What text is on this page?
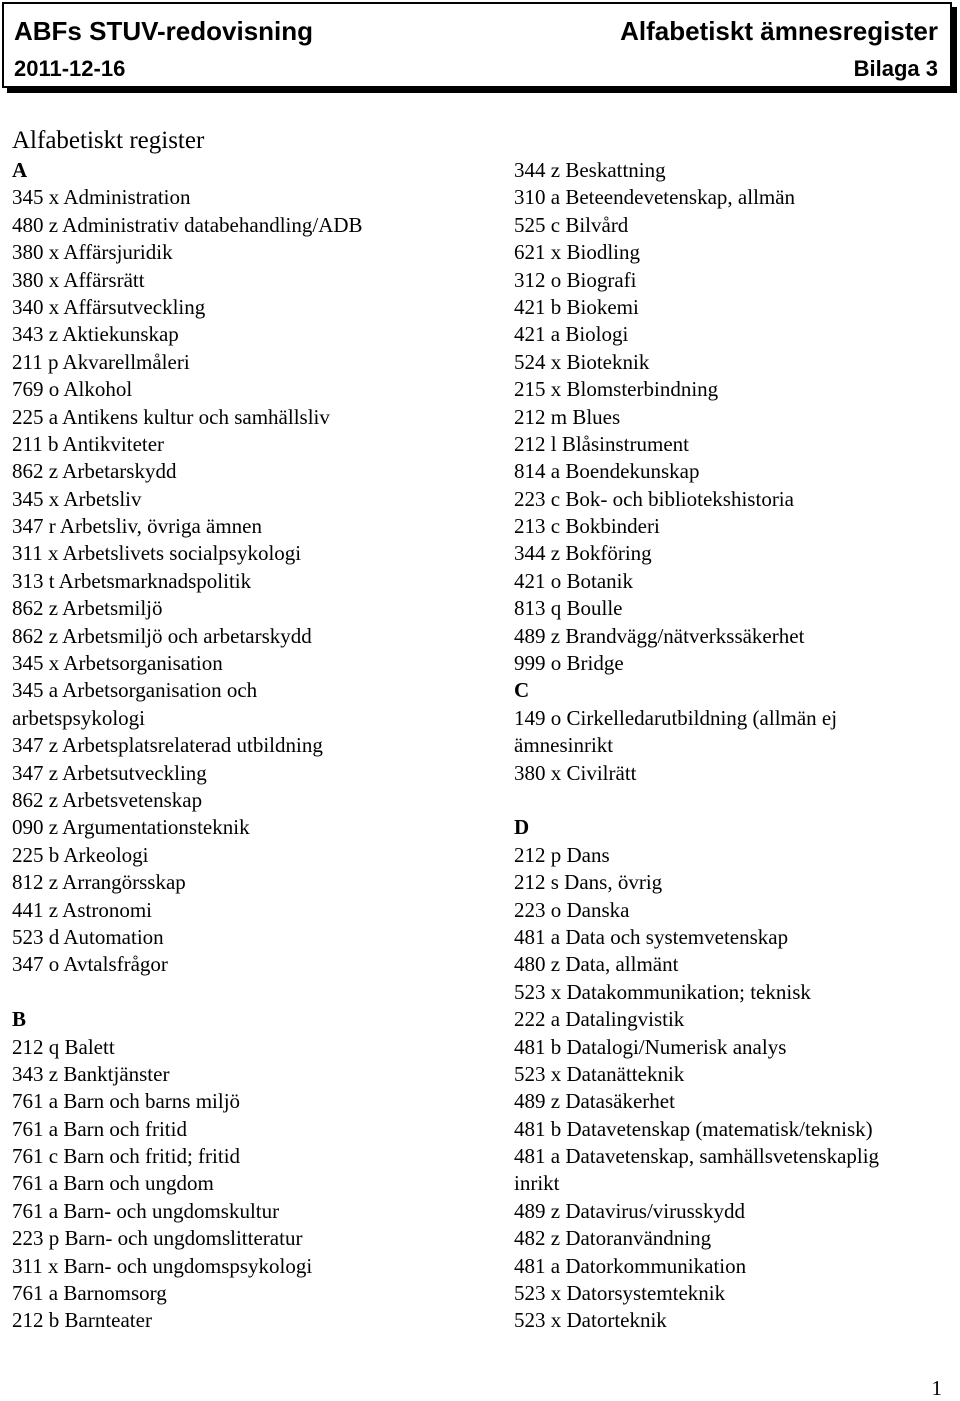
ABFs STUV-redovisning	Alfabetiskt ämnesregister
2011-12-16	Bilaga 3
Alfabetiskt register
A
345 x Administration
480 z Administrativ databehandling/ADB
380 x Affärsjuridik
380 x Affärsrätt
340 x Affärsutveckling
343 z Aktiekunskap
211 p Akvarellmåleri
769 o Alkohol
225 a Antikens kultur och samhällsliv
211 b Antikviteter
862 z Arbetarskydd
345 x Arbetsliv
347 r Arbetsliv, övriga ämnen
311 x Arbetslivets socialpsykologi
313 t Arbetsmarknadspolitik
862 z Arbetsmiljö
862 z Arbetsmiljö och arbetarskydd
345 x Arbetsorganisation
345 a Arbetsorganisation och
arbetspsykologi
347 z Arbetsplatsrelaterad utbildning
347 z Arbetsutveckling
862 z Arbetsvetenskap
090 z Argumentationsteknik
225 b Arkeologi
812 z Arrangörsskap
441 z Astronomi
523 d Automation
347 o Avtalsfrågor
B
212 q Balett
343 z Banktjänster
761 a Barn och barns miljö
761 a Barn och fritid
761 c Barn och fritid; fritid
761 a Barn och ungdom
761 a Barn- och ungdomskultur
223 p Barn- och ungdomslitteratur
311 x Barn- och ungdomspsykologi
761 a Barnomsorg
212 b Barnteater
344 z Beskattning
310 a Beteendevetenskap, allmän
525 c Bilvård
621 x Biodling
312 o Biografi
421 b Biokemi
421 a Biologi
524 x Bioteknik
215 x Blomsterbindning
212 m Blues
212 l Blåsinstrument
814 a Boendekunskap
223 c Bok- och bibliotekshistoria
213 c Bokbinderi
344 z Bokföring
421 o Botanik
813 q Boulle
489 z Brandvägg/nätverkssäkerhet
999 o Bridge
C
149 o Cirkelledarutbildning (allmän ej
ämnesinrikt
380 x Civilrätt
D
212 p Dans
212 s Dans, övrig
223 o Danska
481 a Data och systemvetenskap
480 z Data, allmänt
523 x Datakommunikation; teknisk
222 a Datalingvistik
481 b Datalogi/Numerisk analys
523 x Datanätteknik
489 z Datasäkerhet
481 b Datavetenskap (matematisk/teknisk)
481 a Datavetenskap, samhällsvetenskaplig
inrikt
489 z Datavirus/virusskydd
482 z Datoranvändning
481 a Datorkommunikation
523 x Datorsystemteknik
523 x Datorteknik
1
